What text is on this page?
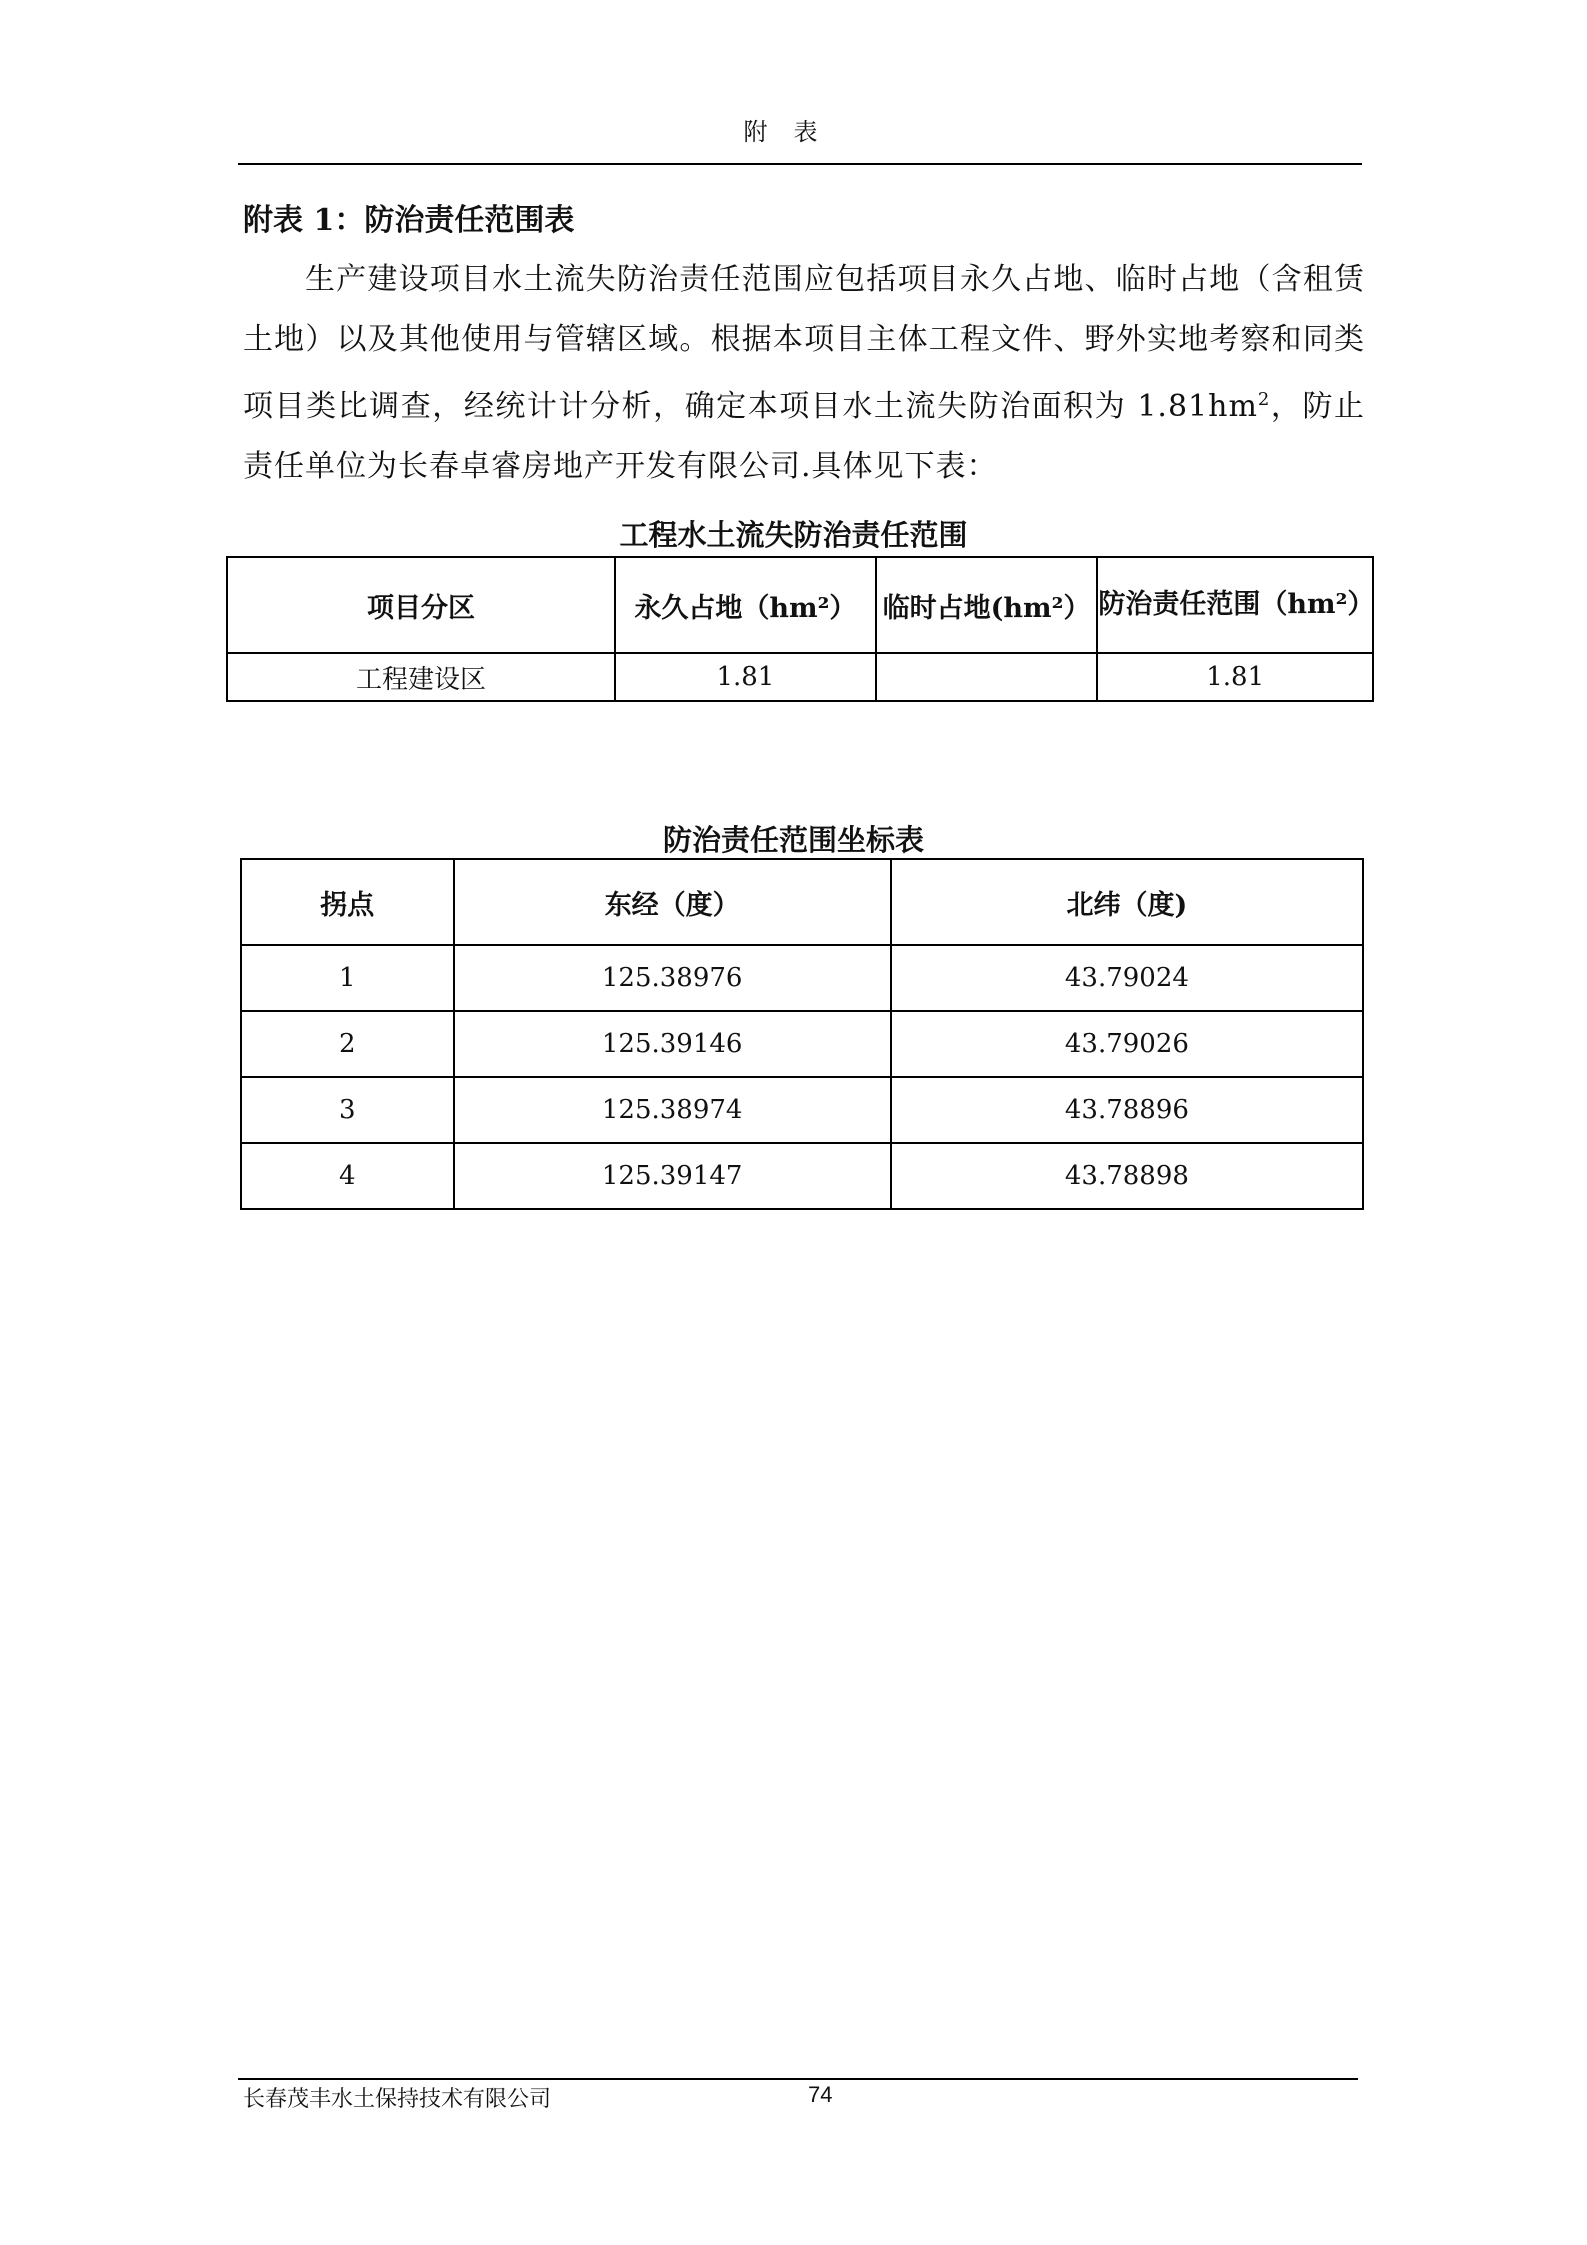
附表
附表 1：防治责任范围表

生产建设项目水土流失防治责任范围应包括项目永久占地、临时占地（含租赁土地）以及其他使用与管辖区域。根据本项目主体工程文件、野外实地考察和同类项目类比调查，经统计计分析，确定本项目水土流失防治面积为 $1.81hm^2$，防止责任单位为长春卓睿房地产开发有限公司.具体见下表：

工程水土流失防治责任范围
项目分区	永久占地（hm²）	临时占地(hm²）	防治责任范围（hm²）
工程建设区	1.81		1.81
防治责任范围坐标表
拐点	东经（度）	北纬（度)
1	125.38976	43.79024
2	125.39146	43.79026
3	125.38974	43.78896
4	125.39147	43.78898
长春茂丰水土保持技术有限公司	74
